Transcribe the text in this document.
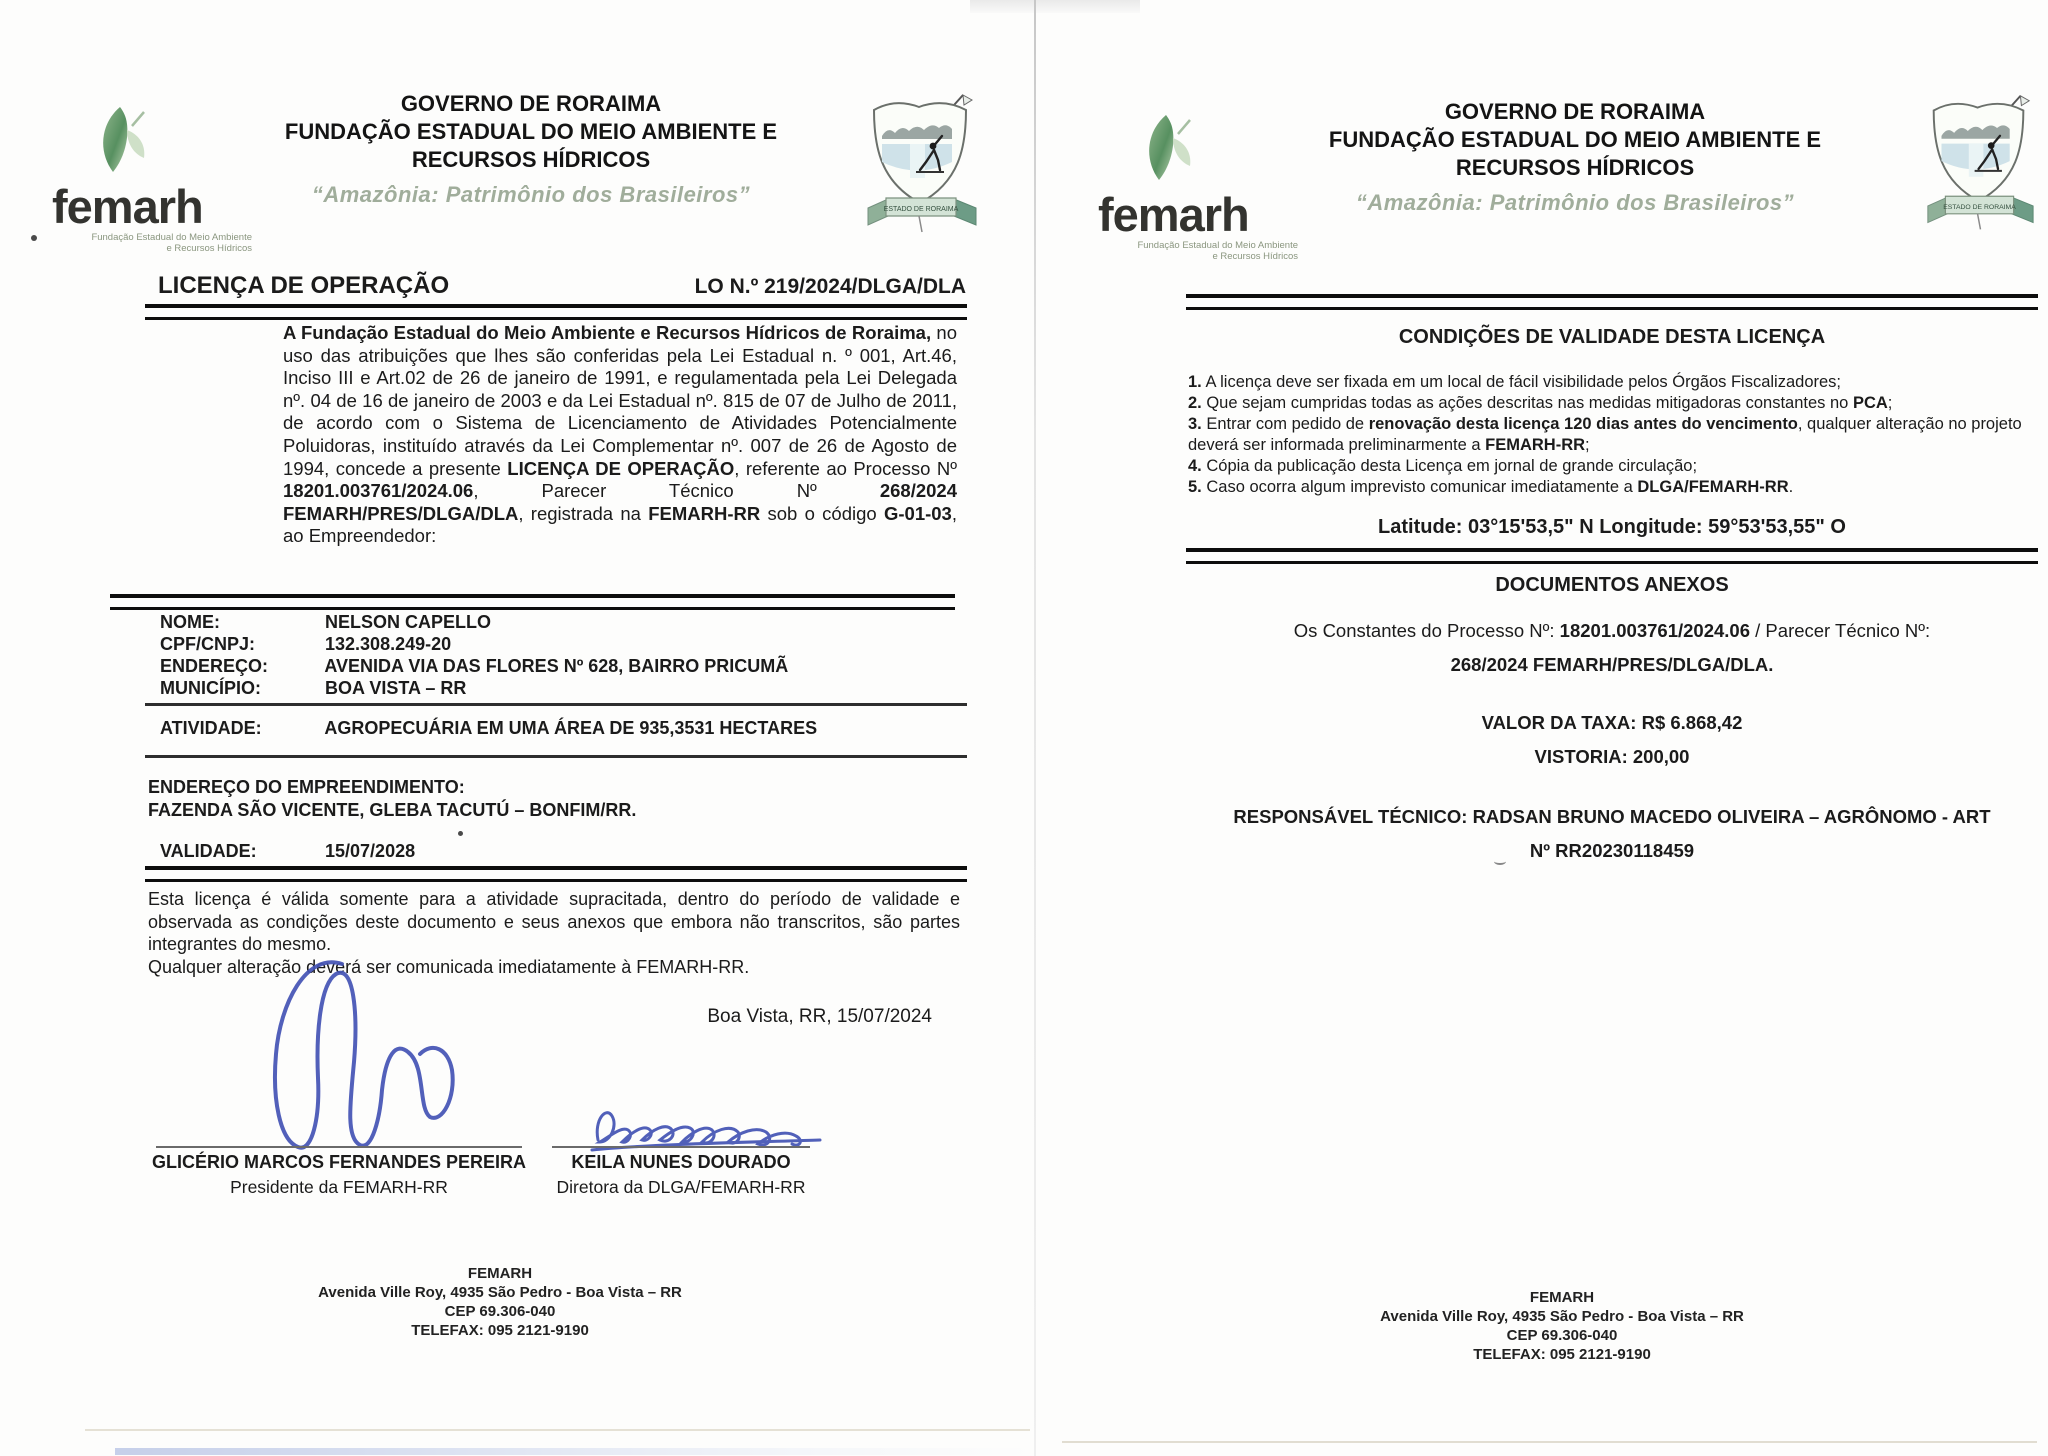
femarh
Fundação Estadual do Meio Ambiente
e Recursos Hídricos
GOVERNO DE RORAIMA
FUNDAÇÃO ESTADUAL DO MEIO AMBIENTE E
RECURSOS HÍDRICOS
“Amazônia: Patrimônio dos Brasileiros”
ESTADO DE RORAIMA
LICENÇA DE OPERAÇÃO	LO N.º 219/2024/DLGA/DLA

A Fundação Estadual do Meio Ambiente e Recursos Hídricos de Roraima, no uso das atribuições que lhes são conferidas pela Lei Estadual n. º 001, Art.46, Inciso III e Art.02 de 26 de janeiro de 1991, e regulamentada pela Lei Delegada nº. 04 de 16 de janeiro de 2003 e da Lei Estadual nº. 815 de 07 de Julho de 2011, de acordo com o Sistema de Licenciamento de Atividades Potencialmente Poluidoras, instituído através da Lei Complementar nº. 007 de 26 de Agosto de 1994, concede a presente LICENÇA DE OPERAÇÃO, referente ao Processo Nº 18201.003761/2024.06, Parecer Técnico Nº 268/2024 FEMARH/PRES/DLGA/DLA, registrada na FEMARH-RR sob o código G-01-03, ao Empreendedor:

NOME:	NELSON CAPELLO
CPF/CNPJ:	132.308.249-20
ENDEREÇO:	AVENIDA VIA DAS FLORES Nº 628, BAIRRO PRICUMÃ
MUNICÍPIO:	BOA VISTA – RR
ATIVIDADE:	AGROPECUÁRIA EM UMA ÁREA DE 935,3531 HECTARES
ENDEREÇO DO EMPREENDIMENTO:
FAZENDA SÃO VICENTE, GLEBA TACUTÚ – BONFIM/RR.
VALIDADE:	15/07/2028

Esta licença é válida somente para a atividade supracitada, dentro do período de validade e observada as condições deste documento e seus anexos que embora não transcritos, são partes integrantes do mesmo.

Qualquer alteração deverá ser comunicada imediatamente à FEMARH-RR.

Boa Vista, RR, 15/07/2024
GLICÉRIO MARCOS FERNANDES PEREIRA
Presidente da FEMARH-RR
KEILA NUNES DOURADO
Diretora da DLGA/FEMARH-RR
FEMARH
Avenida Ville Roy, 4935 São Pedro - Boa Vista – RR
CEP 69.306-040
TELEFAX: 095 2121-9190
femarh
Fundação Estadual do Meio Ambiente
e Recursos Hídricos
GOVERNO DE RORAIMA
FUNDAÇÃO ESTADUAL DO MEIO AMBIENTE E
RECURSOS HÍDRICOS
“Amazônia: Patrimônio dos Brasileiros”	ESTADO DE RORAIMA
CONDIÇÕES DE VALIDADE DESTA LICENÇA
1. A licença deve ser fixada em um local de fácil visibilidade pelos Órgãos Fiscalizadores;
2. Que sejam cumpridas todas as ações descritas nas medidas mitigadoras constantes no PCA;
3. Entrar com pedido de renovação desta licença 120 dias antes do vencimento, qualquer alteração no projeto deverá ser informada preliminarmente a FEMARH-RR;
4. Cópia da publicação desta Licença em jornal de grande circulação;
5. Caso ocorra algum imprevisto comunicar imediatamente a DLGA/FEMARH-RR.
Latitude: 03°15'53,5" N Longitude: 59°53'53,55" O
DOCUMENTOS ANEXOS
Os Constantes do Processo Nº: 18201.003761/2024.06 / Parecer Técnico Nº:
268/2024 FEMARH/PRES/DLGA/DLA.
VALOR DA TAXA: R$ 6.868,42
VISTORIA: 200,00
RESPONSÁVEL TÉCNICO: RADSAN BRUNO MACEDO OLIVEIRA – AGRÔNOMO - ART
Nº RR20230118459
FEMARH
Avenida Ville Roy, 4935 São Pedro - Boa Vista – RR
CEP 69.306-040
TELEFAX: 095 2121-9190
